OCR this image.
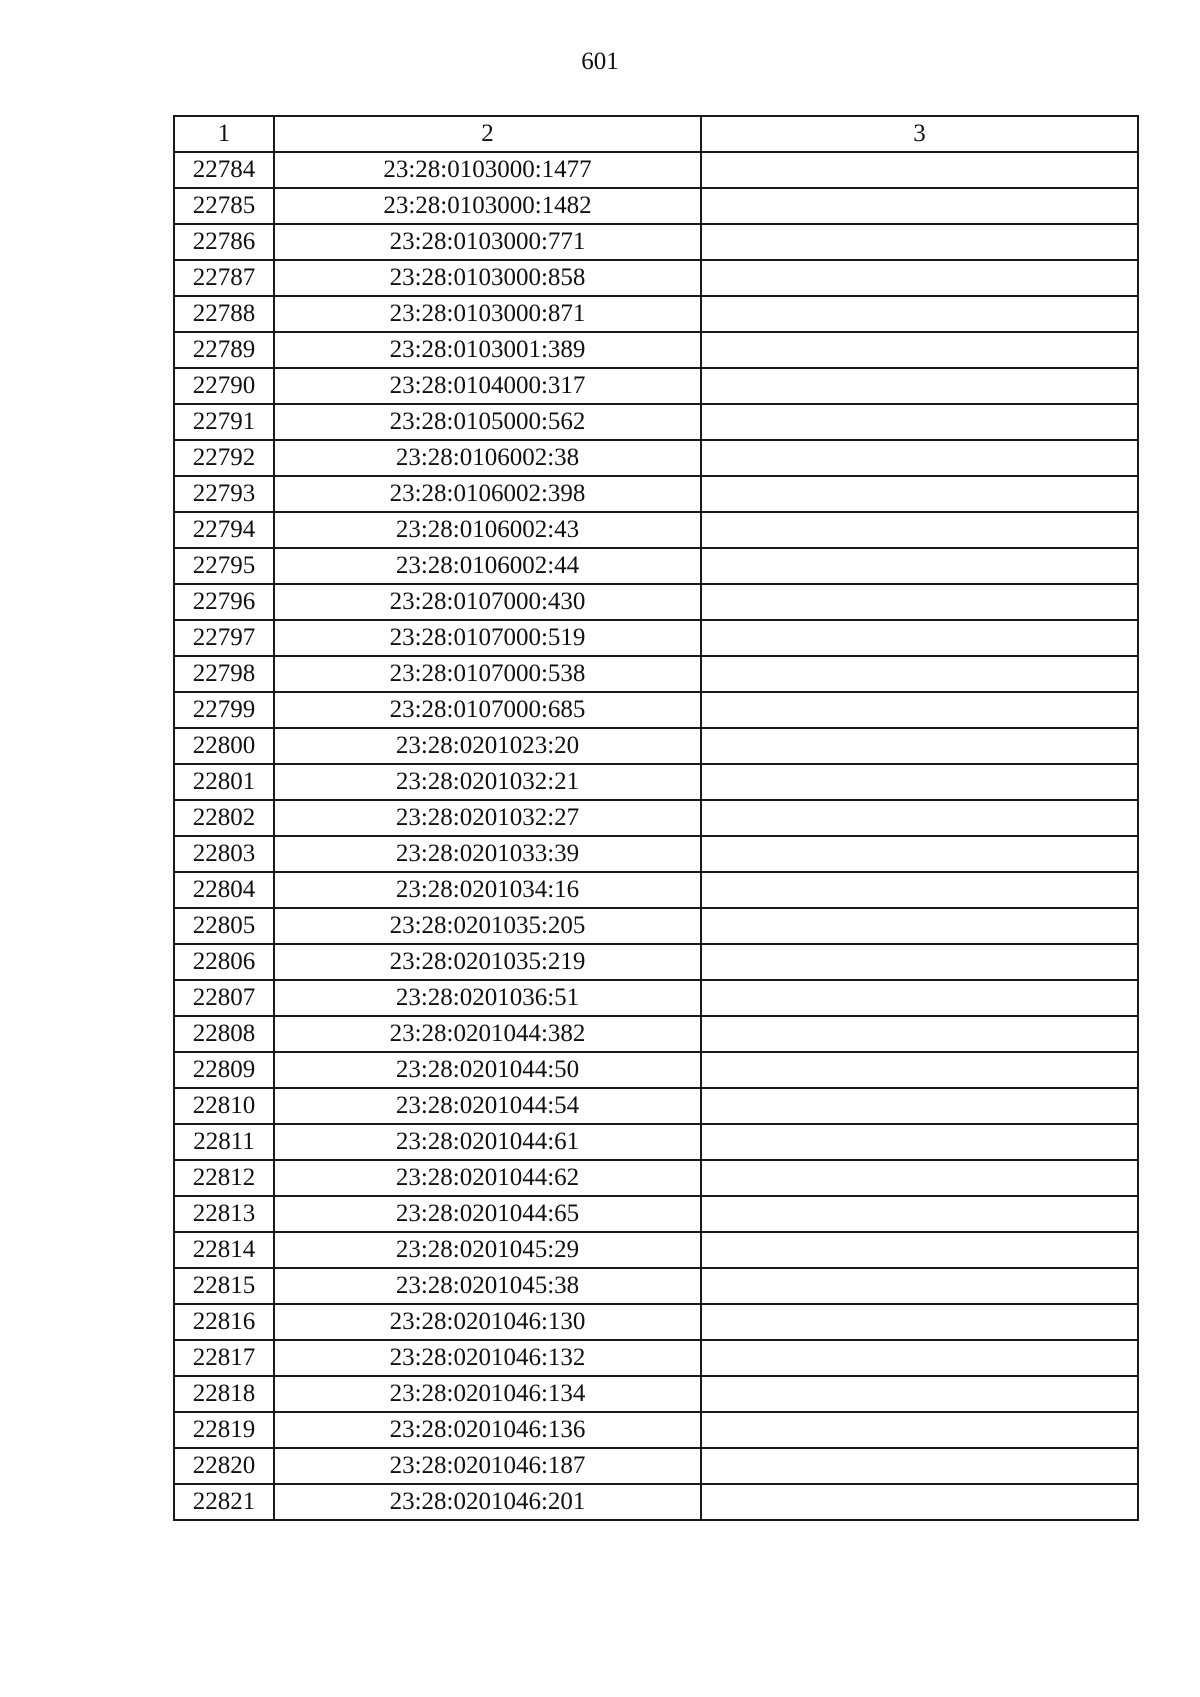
601
1	2	3
22784	23:28:0103000:1477	
22785	23:28:0103000:1482	
22786	23:28:0103000:771	
22787	23:28:0103000:858	
22788	23:28:0103000:871	
22789	23:28:0103001:389	
22790	23:28:0104000:317	
22791	23:28:0105000:562	
22792	23:28:0106002:38	
22793	23:28:0106002:398	
22794	23:28:0106002:43	
22795	23:28:0106002:44	
22796	23:28:0107000:430	
22797	23:28:0107000:519	
22798	23:28:0107000:538	
22799	23:28:0107000:685	
22800	23:28:0201023:20	
22801	23:28:0201032:21	
22802	23:28:0201032:27	
22803	23:28:0201033:39	
22804	23:28:0201034:16	
22805	23:28:0201035:205	
22806	23:28:0201035:219	
22807	23:28:0201036:51	
22808	23:28:0201044:382	
22809	23:28:0201044:50	
22810	23:28:0201044:54	
22811	23:28:0201044:61	
22812	23:28:0201044:62	
22813	23:28:0201044:65	
22814	23:28:0201045:29	
22815	23:28:0201045:38	
22816	23:28:0201046:130	
22817	23:28:0201046:132	
22818	23:28:0201046:134	
22819	23:28:0201046:136	
22820	23:28:0201046:187	
22821	23:28:0201046:201	
